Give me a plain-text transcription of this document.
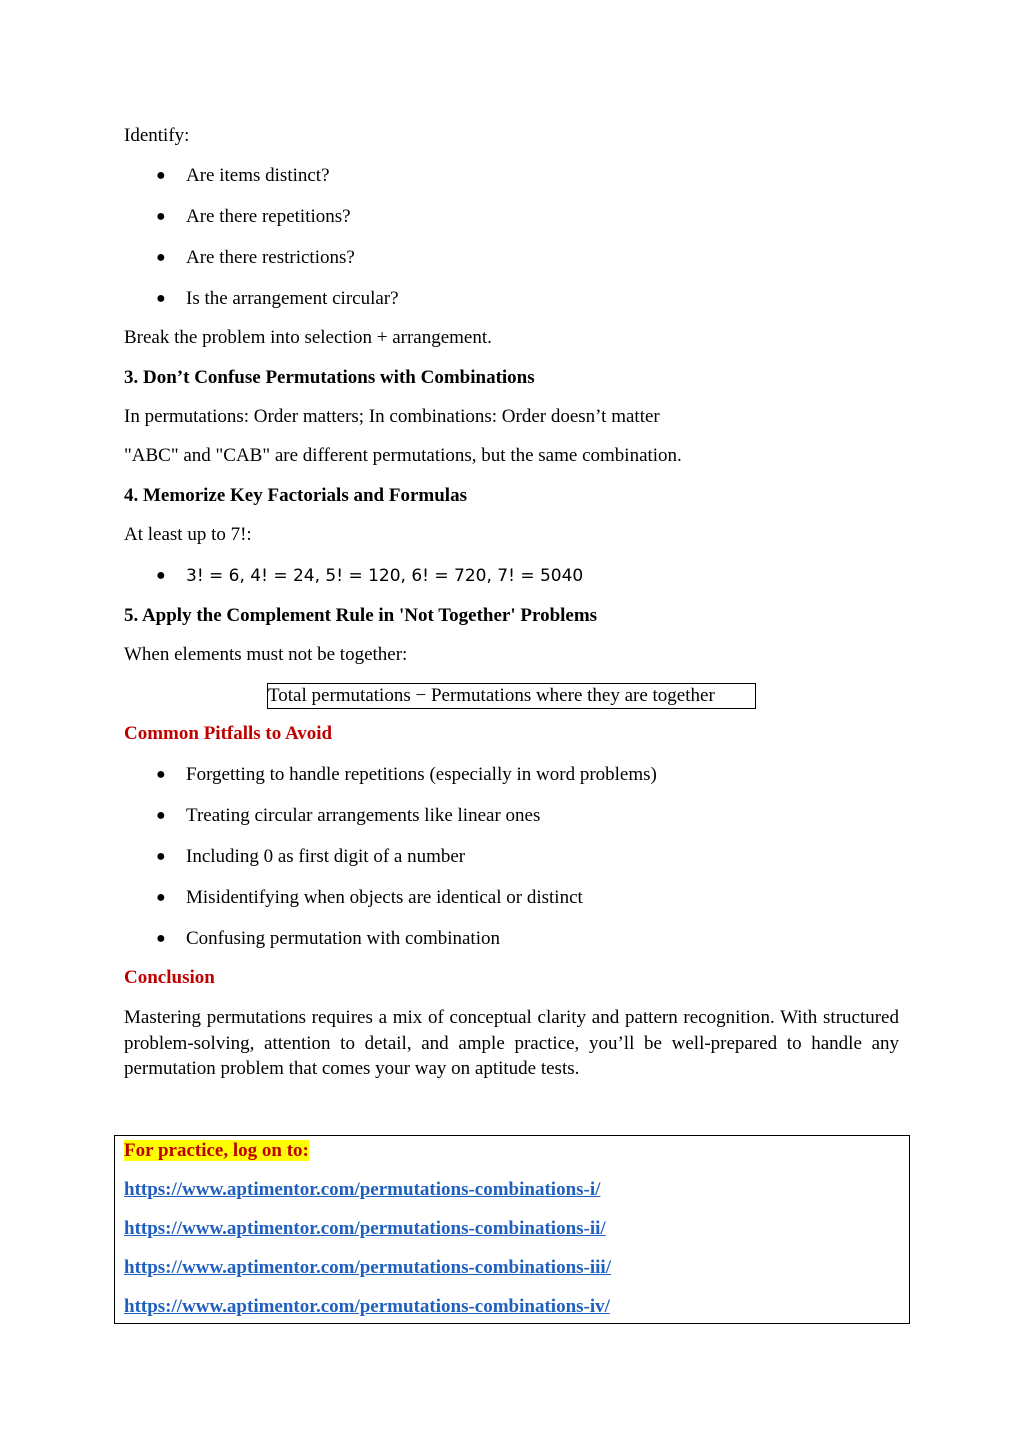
Identify:
● Are items distinct?
● Are there repetitions?
● Are there restrictions?
● Is the arrangement circular?
Break the problem into selection + arrangement.
3. Don’t Confuse Permutations with Combinations
In permutations: Order matters; In combinations: Order doesn’t matter
"ABC" and "CAB" are different permutations, but the same combination.
4. Memorize Key Factorials and Formulas
At least up to 7!:
● 3! = 6, 4! = 24, 5! = 120, 6! = 720, 7! = 5040
5. Apply the Complement Rule in 'Not Together' Problems
When elements must not be together:
Total permutations − Permutations where they are together
Common Pitfalls to Avoid
● Forgetting to handle repetitions (especially in word problems)
● Treating circular arrangements like linear ones
● Including 0 as first digit of a number
● Misidentifying when objects are identical or distinct
● Confusing permutation with combination
Conclusion
Mastering permutations requires a mix of conceptual clarity and pattern recognition. With structured problem-solving, attention to detail, and ample practice, you’ll be well-prepared to handle any permutation problem that comes your way on aptitude tests.
For practice, log on to:
https://www.aptimentor.com/permutations-combinations-i/
https://www.aptimentor.com/permutations-combinations-ii/
https://www.aptimentor.com/permutations-combinations-iii/
https://www.aptimentor.com/permutations-combinations-iv/
